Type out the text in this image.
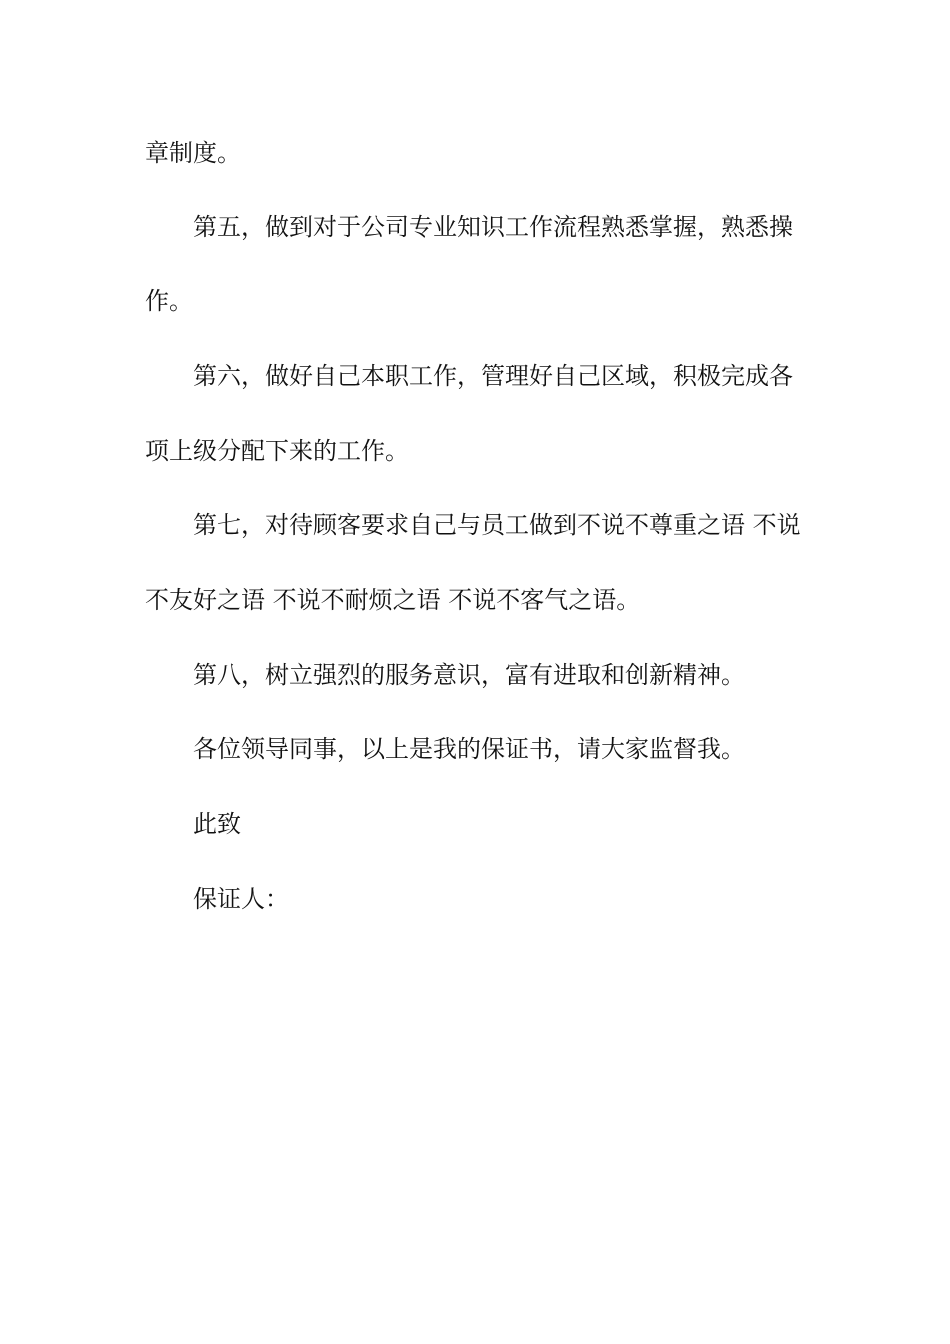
章制度。
第五，做到对于公司专业知识工作流程熟悉掌握，熟悉操
作。
第六，做好自己本职工作，管理好自己区域，积极完成各
项上级分配下来的工作。
第七，对待顾客要求自己与员工做到不说不尊重之语 不说
不友好之语 不说不耐烦之语 不说不客气之语。
第八，树立强烈的服务意识，富有进取和创新精神。
各位领导同事，以上是我的保证书，请大家监督我。
此致
保证人：
